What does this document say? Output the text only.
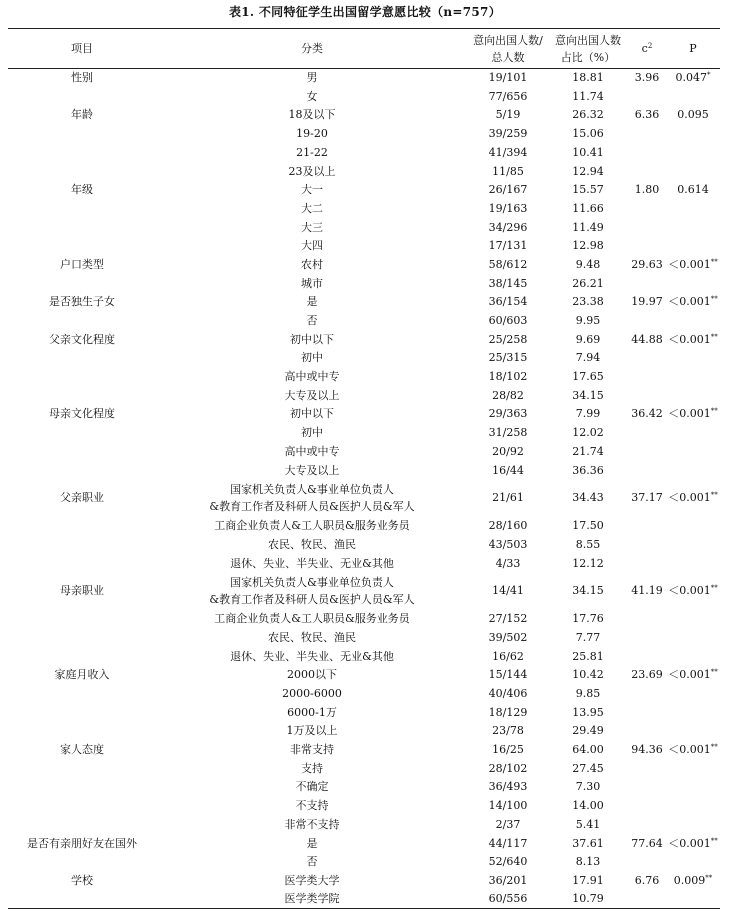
表1. 不同特征学生出国留学意愿比较（n=757）
项目	分类	意向出国人数/总人数	意向出国人数占比（%）	$c^2$	P
性别	男	19/101	18.81	3.96	0.047*

	女	77/656	11.74		
年龄	18及以下	5/19	26.32	6.36	0.095

	19-20	39/259	15.06		

	21-22	41/394	10.41		

	23及以上	11/85	12.94		
年级	大一	26/167	15.57	1.80	0.614

	大二	19/163	11.66		

	大三	34/296	11.49		

	大四	17/131	12.98		
户口类型	农村	58/612	9.48	29.63	＜0.001**

	城市	38/145	26.21		
是否独生子女	是	36/154	23.38	19.97	＜0.001**

	否	60/603	9.95		
父亲文化程度	初中以下	25/258	9.69	44.88	＜0.001**

	初中	25/315	7.94		

	高中或中专	18/102	17.65		

	大专及以上	28/82	34.15		
母亲文化程度	初中以下	29/363	7.99	36.42	＜0.001**

	初中	31/258	12.02		

	高中或中专	20/92	21.74		

	大专及以上	16/44	36.36		
父亲职业	国家机关负责人&事业单位负责人
&教育工作者及科研人员&医护人员&军人	21/61	34.43	37.17	＜0.001**

	工商企业负责人&工人职员&服务业务员	28/160	17.50		

	农民、牧民、渔民	43/503	8.55		

	退休、失业、半失业、无业&其他	4/33	12.12		
母亲职业	国家机关负责人&事业单位负责人
&教育工作者及科研人员&医护人员&军人	14/41	34.15	41.19	＜0.001**

	工商企业负责人&工人职员&服务业务员	27/152	17.76		

	农民、牧民、渔民	39/502	7.77		

	退休、失业、半失业、无业&其他	16/62	25.81		
家庭月收入	2000以下	15/144	10.42	23.69	＜0.001**

	2000-6000	40/406	9.85		

	6000-1万	18/129	13.95		

	1万及以上	23/78	29.49		
家人态度	非常支持	16/25	64.00	94.36	＜0.001**

	支持	28/102	27.45		

	不确定	36/493	7.30		

	不支持	14/100	14.00		

	非常不支持	2/37	5.41		
是否有亲朋好友在国外	是	44/117	37.61	77.64	＜0.001**

	否	52/640	8.13		
学校	医学类大学	36/201	17.91	6.76	0.009**

	医学类学院	60/556	10.79		
